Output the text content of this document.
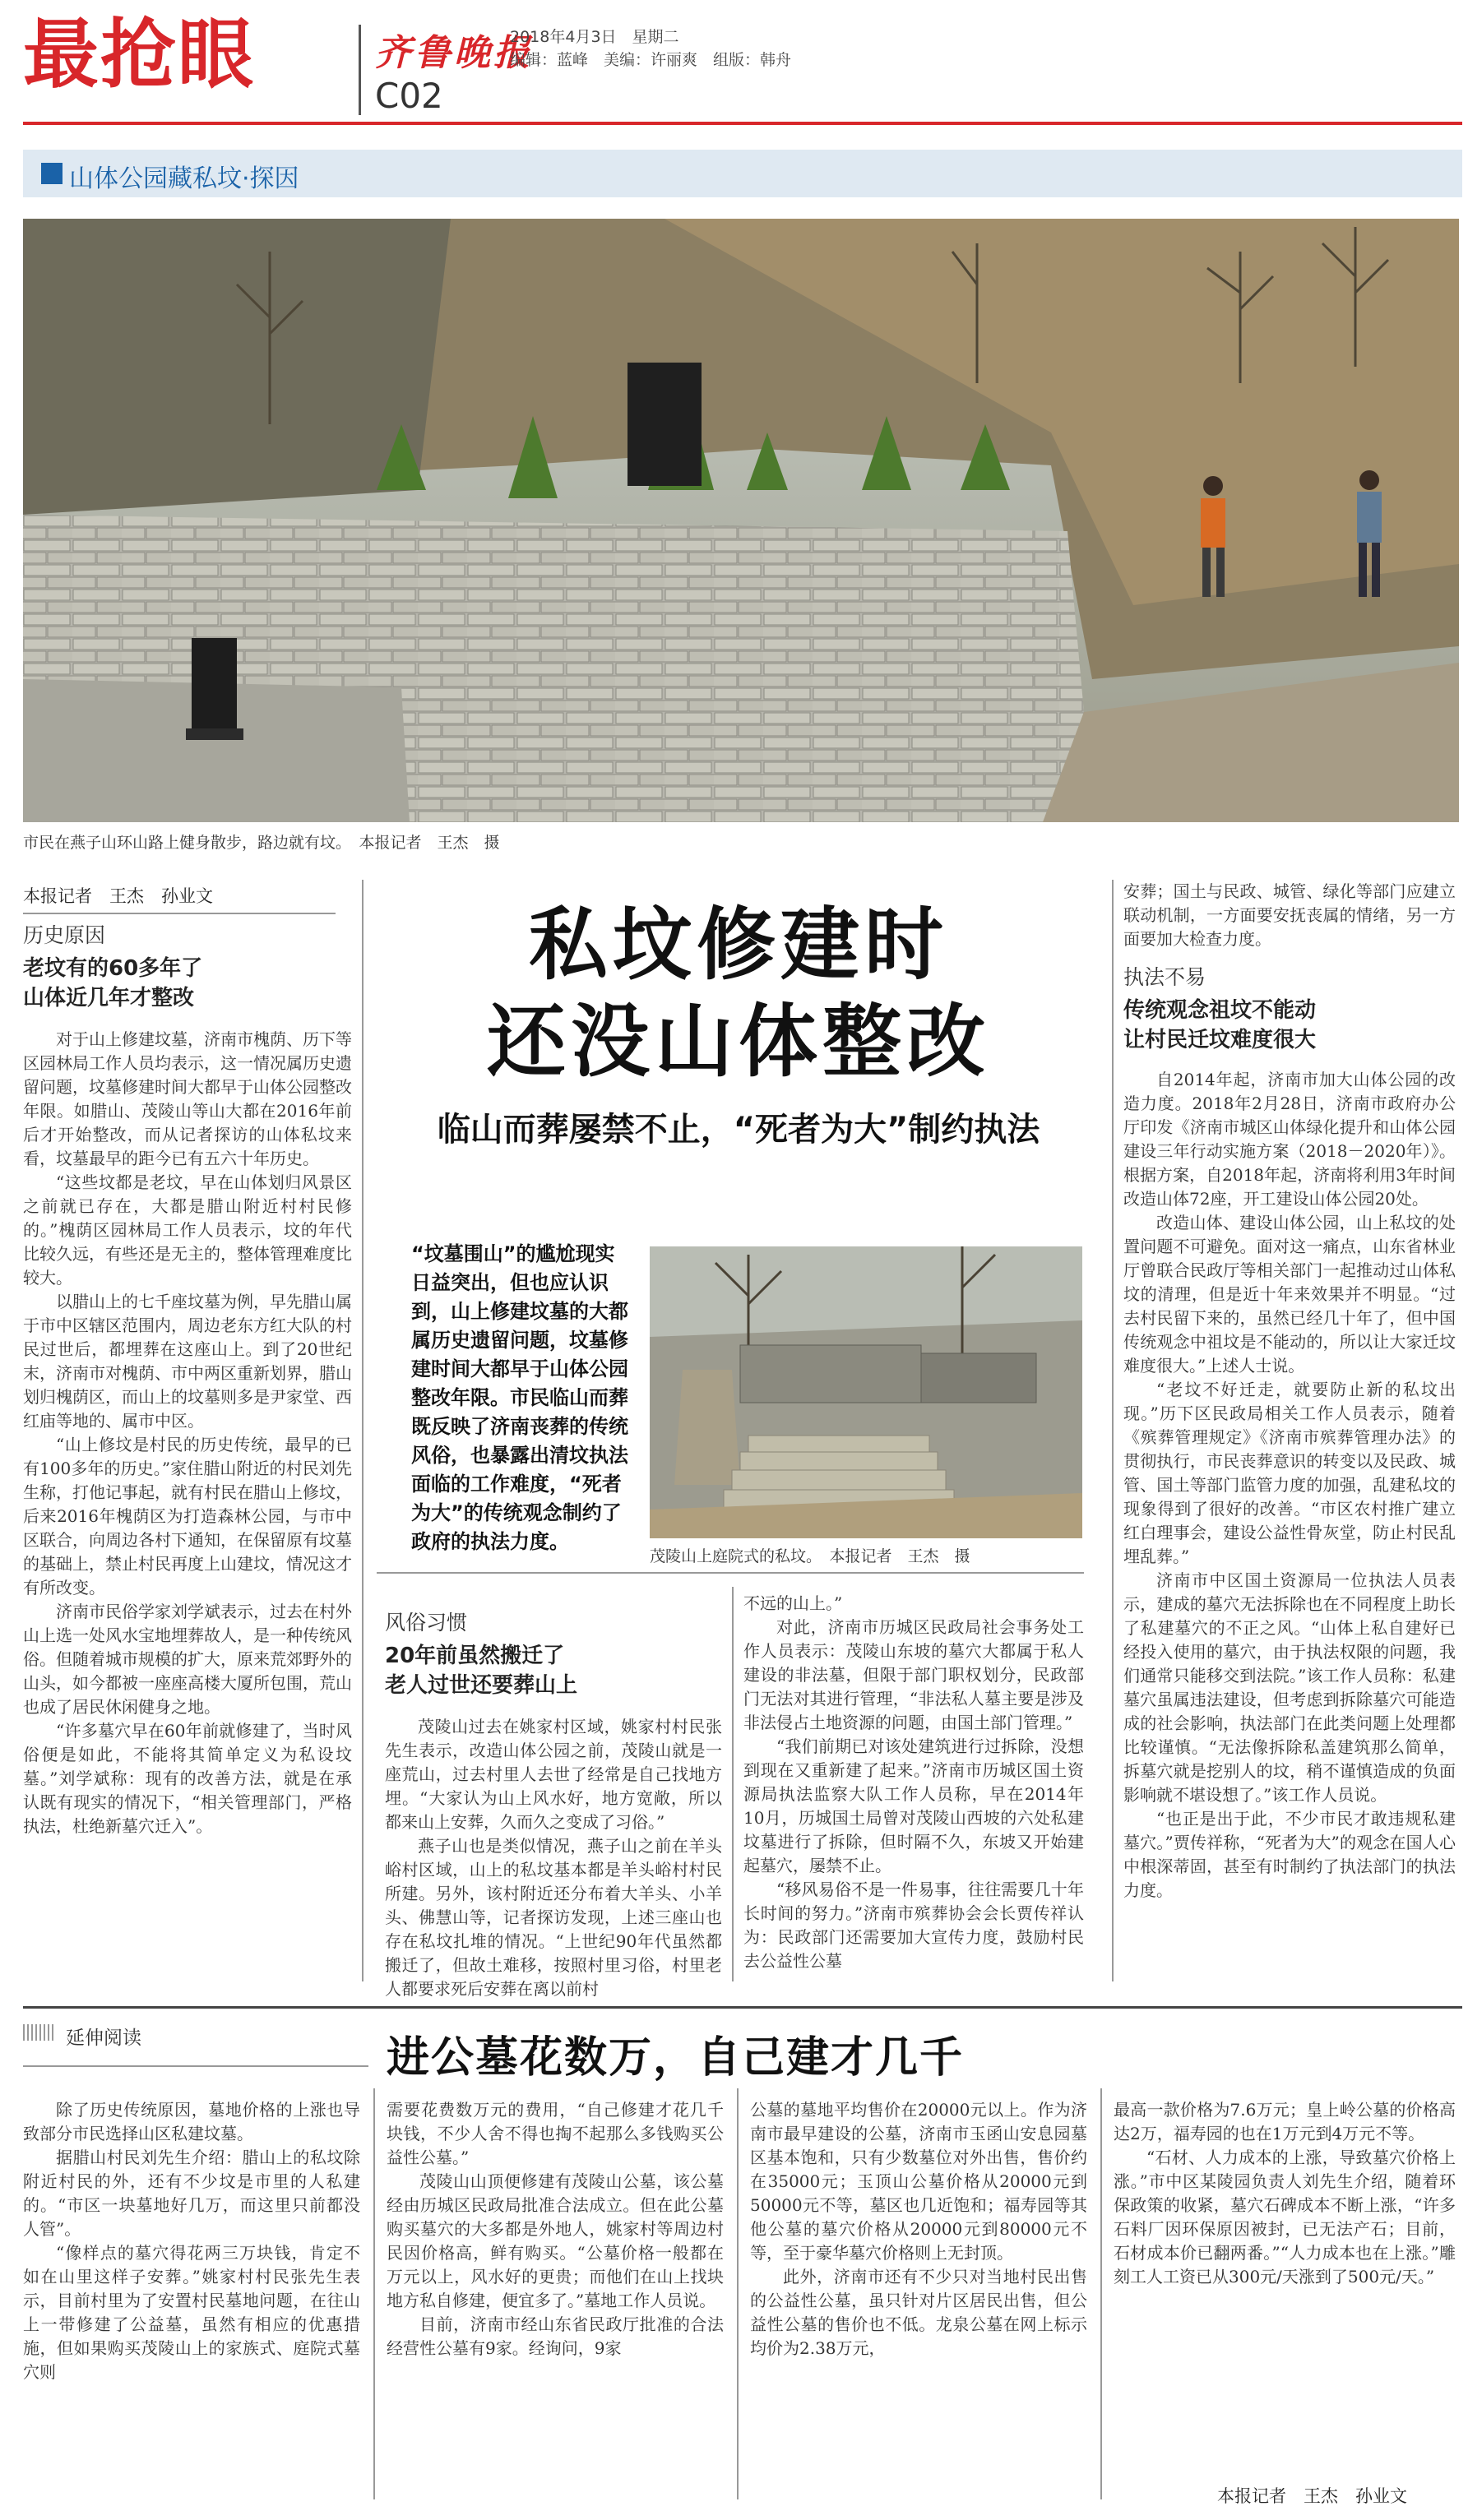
最抢眼	齐鲁晚报
2018年4月3日　星期二
编辑：蓝峰　美编：许丽爽　组版：韩舟
C02
山体公园藏私坟·探因
市民在燕子山环山路上健身散步，路边就有坟。　本报记者　王杰　摄
本报记者　王杰　孙业文
历史原因
老坟有的60多年了
山体近几年才整改

对于山上修建坟墓，济南市槐荫、历下等区园林局工作人员均表示，这一情况属历史遗留问题，坟墓修建时间大都早于山体公园整改年限。如腊山、茂陵山等山大都在2016年前后才开始整改，而从记者探访的山体私坟来看，坟墓最早的距今已有五六十年历史。

“这些坟都是老坟，早在山体划归风景区之前就已存在，大都是腊山附近村村民修的。”槐荫区园林局工作人员表示，坟的年代比较久远，有些还是无主的，整体管理难度比较大。

以腊山上的七千座坟墓为例，早先腊山属于市中区辖区范围内，周边老东方红大队的村民过世后，都埋葬在这座山上。到了20世纪末，济南市对槐荫、市中两区重新划界，腊山划归槐荫区，而山上的坟墓则多是尹家堂、西红庙等地的、属市中区。

“山上修坟是村民的历史传统，最早的已有100多年的历史。”家住腊山附近的村民刘先生称，打他记事起，就有村民在腊山上修坟，后来2016年槐荫区为打造森林公园，与市中区联合，向周边各村下通知，在保留原有坟墓的基础上，禁止村民再度上山建坟，情况这才有所改变。

济南市民俗学家刘学斌表示，过去在村外山上选一处风水宝地埋葬故人，是一种传统风俗。但随着城市规模的扩大，原来荒郊野外的山头，如今都被一座座高楼大厦所包围，荒山也成了居民休闲健身之地。

“许多墓穴早在60年前就修建了，当时风俗便是如此，不能将其简单定义为私设坟墓。”刘学斌称：现有的改善方法，就是在承认既有现实的情况下，“相关管理部门，严格执法，杜绝新墓穴迁入”。

私坟修建时
还没山体整改
临山而葬屡禁不止，“死者为大”制约执法
“坟墓围山”的尴尬现实日益突出，但也应认识到，山上修建坟墓的大都属历史遗留问题，坟墓修建时间大都早于山体公园整改年限。市民临山而葬既反映了济南丧葬的传统风俗，也暴露出清坟执法面临的工作难度，“死者为大”的传统观念制约了政府的执法力度。
茂陵山上庭院式的私坟。　本报记者　王杰　摄
风俗习惯
20年前虽然搬迁了
老人过世还要葬山上

茂陵山过去在姚家村区域，姚家村村民张先生表示，改造山体公园之前，茂陵山就是一座荒山，过去村里人去世了经常是自己找地方埋。“大家认为山上风水好，地方宽敞，所以都来山上安葬，久而久之变成了习俗。”

燕子山也是类似情况，燕子山之前在羊头峪村区域，山上的私坟基本都是羊头峪村村民所建。另外，该村附近还分布着大羊头、小羊头、佛慧山等，记者探访发现，上述三座山也存在私坟扎堆的情况。“上世纪90年代虽然都搬迁了，但故土难移，按照村里习俗，村里老人都要求死后安葬在离以前村

不远的山上。”

对此，济南市历城区民政局社会事务处工作人员表示：茂陵山东坡的墓穴大都属于私人建设的非法墓，但限于部门职权划分，民政部门无法对其进行管理，“非法私人墓主要是涉及非法侵占土地资源的问题，由国土部门管理。”

“我们前期已对该处建筑进行过拆除，没想到现在又重新建了起来。”济南市历城区国土资源局执法监察大队工作人员称，早在2014年10月，历城国土局曾对茂陵山西坡的六处私建坟墓进行了拆除，但时隔不久，东坡又开始建起墓穴，屡禁不止。

“移风易俗不是一件易事，往往需要几十年长时间的努力。”济南市殡葬协会会长贾传祥认为：民政部门还需要加大宣传力度，鼓励村民去公益性公墓

安葬；国土与民政、城管、绿化等部门应建立联动机制，一方面要安抚丧属的情绪，另一方面要加大检查力度。

执法不易
传统观念祖坟不能动
让村民迁坟难度很大

自2014年起，济南市加大山体公园的改造力度。2018年2月28日，济南市政府办公厅印发《济南市城区山体绿化提升和山体公园建设三年行动实施方案（2018－2020年）》。根据方案，自2018年起，济南将利用3年时间改造山体72座，开工建设山体公园20处。

改造山体、建设山体公园，山上私坟的处置问题不可避免。面对这一痛点，山东省林业厅曾联合民政厅等相关部门一起推动过山体私坟的清理，但是近十年来效果并不明显。“过去村民留下来的，虽然已经几十年了，但中国传统观念中祖坟是不能动的，所以让大家迁坟难度很大。”上述人士说。

“老坟不好迁走，就要防止新的私坟出现。”历下区民政局相关工作人员表示，随着《殡葬管理规定》《济南市殡葬管理办法》的贯彻执行，市民丧葬意识的转变以及民政、城管、国土等部门监管力度的加强，乱建私坟的现象得到了很好的改善。“市区农村推广建立红白理事会，建设公益性骨灰堂，防止村民乱埋乱葬。”

济南市中区国土资源局一位执法人员表示，建成的墓穴无法拆除也在不同程度上助长了私建墓穴的不正之风。“山体上私自建好已经投入使用的墓穴，由于执法权限的问题，我们通常只能移交到法院。”该工作人员称：私建墓穴虽属违法建设，但考虑到拆除墓穴可能造成的社会影响，执法部门在此类问题上处理都比较谨慎。“无法像拆除私盖建筑那么简单，拆墓穴就是挖别人的坟，稍不谨慎造成的负面影响就不堪设想了。”该工作人员说。

“也正是出于此，不少市民才敢违规私建墓穴。”贾传祥称，“死者为大”的观念在国人心中根深蒂固，甚至有时制约了执法部门的执法力度。

延伸阅读	进公墓花数万，自己建才几千

除了历史传统原因，墓地价格的上涨也导致部分市民选择山区私建坟墓。

据腊山村民刘先生介绍：腊山上的私坟除附近村民的外，还有不少坟是市里的人私建的。“市区一块墓地好几万，而这里只前都没人管”。

“像样点的墓穴得花两三万块钱，肯定不如在山里这样子安葬。”姚家村村民张先生表示，目前村里为了安置村民墓地问题，在往山上一带修建了公益墓，虽然有相应的优惠措施，但如果购买茂陵山上的家族式、庭院式墓穴则

需要花费数万元的费用，“自己修建才花几千块钱，不少人舍不得也掏不起那么多钱购买公益性公墓。”

茂陵山山顶便修建有茂陵山公墓，该公墓经由历城区民政局批准合法成立。但在此公墓购买墓穴的大多都是外地人，姚家村等周边村民因价格高，鲜有购买。“公墓价格一般都在万元以上，风水好的更贵；而他们在山上找块地方私自修建，便宜多了。”墓地工作人员说。

目前，济南市经山东省民政厅批准的合法经营性公墓有9家。经询问，9家

公墓的墓地平均售价在20000元以上。作为济南市最早建设的公墓，济南市玉函山安息园墓区基本饱和，只有少数墓位对外出售，售价约在35000元；玉顶山公墓价格从20000元到50000元不等，墓区也几近饱和；福寿园等其他公墓的墓穴价格从20000元到80000元不等，至于豪华墓穴价格则上无封顶。

此外，济南市还有不少只对当地村民出售的公益性公墓，虽只针对片区居民出售，但公益性公墓的售价也不低。龙泉公墓在网上标示均价为2.38万元，

最高一款价格为7.6万元；皇上岭公墓的价格高达2万，福寿园的也在1万元到4万元不等。

“石材、人力成本的上涨，导致墓穴价格上涨。”市中区某陵园负责人刘先生介绍，随着环保政策的收紧，墓穴石碑成本不断上涨，“许多石料厂因环保原因被封，已无法产石；目前，石材成本价已翻两番。”“人力成本也在上涨。”雕刻工人工资已从300元/天涨到了500元/天。”

本报记者　王杰　孙业文
